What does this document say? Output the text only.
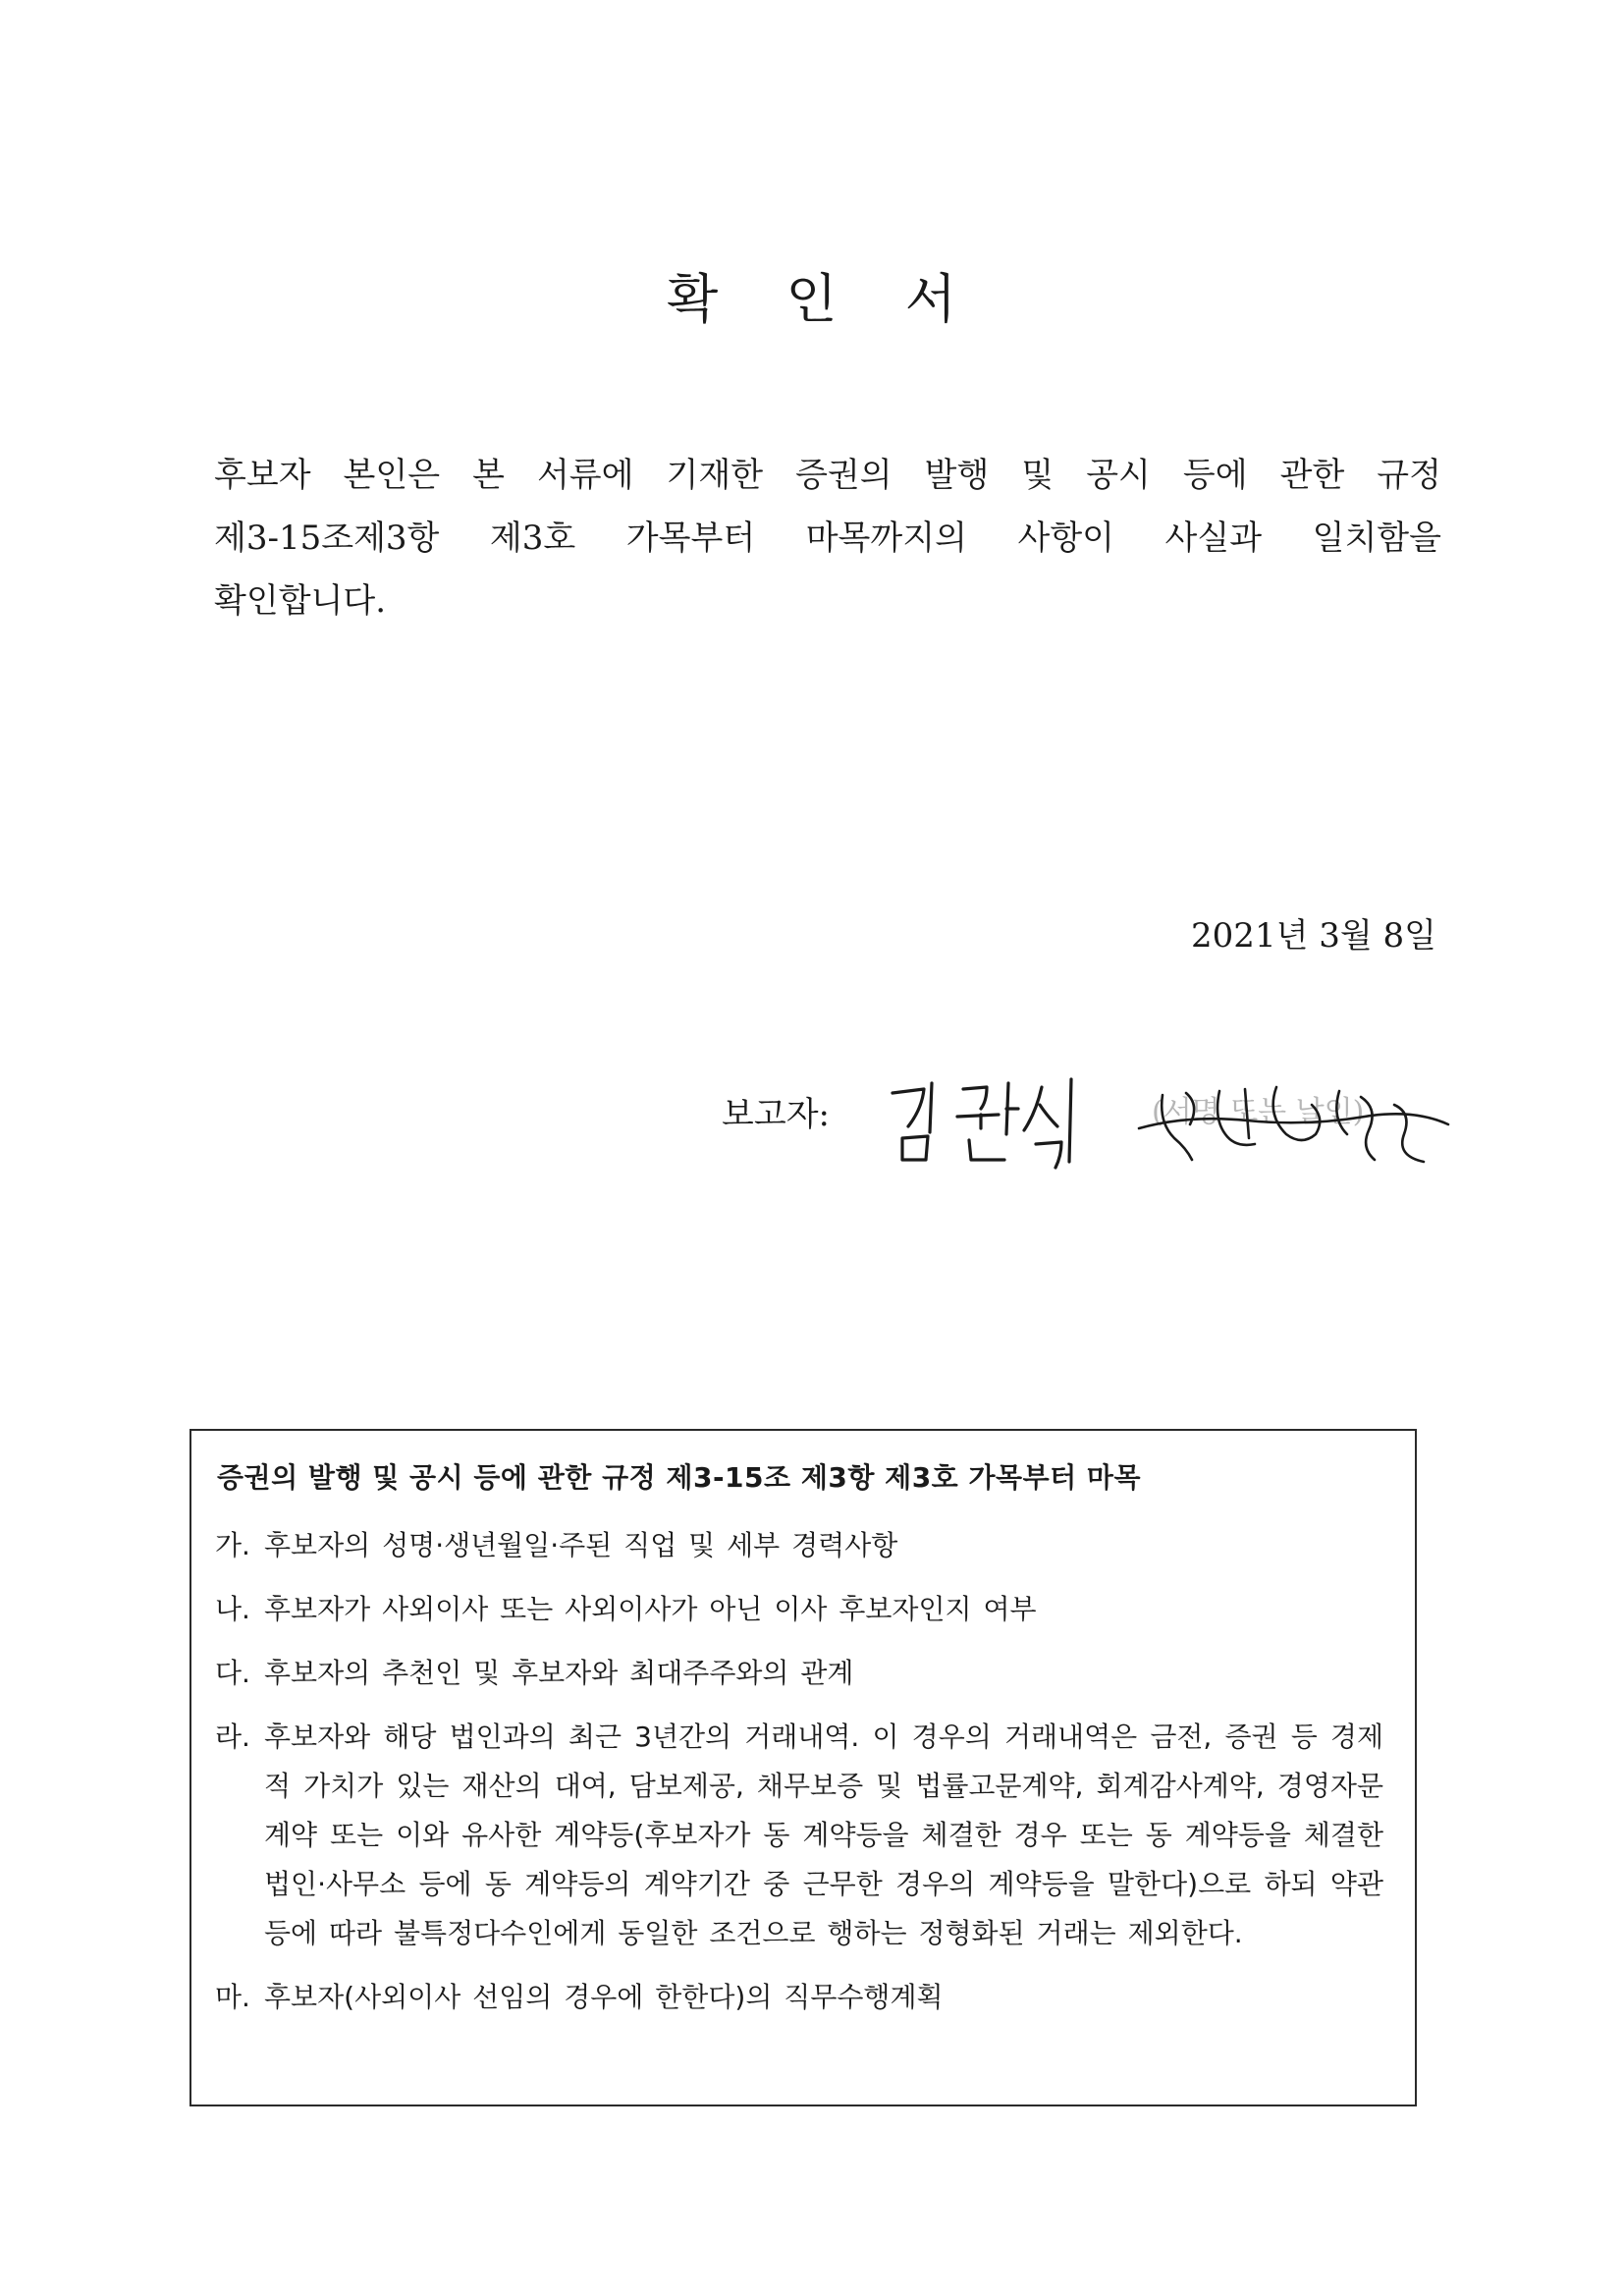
확 인 서
후보자 본인은 본 서류에 기재한 증권의 발행 및 공시 등에 관한 규정
제3-15조제3항 제3호 가목부터 마목까지의 사항이 사실과 일치함을
확인합니다.
2021년 3월 8일
보고자:	(서명 또는 날인)
증권의 발행 및 공시 등에 관한 규정 제3-15조 제3항 제3호 가목부터 마목
가. 후보자의 성명·생년월일·주된 직업 및 세부 경력사항
나. 후보자가 사외이사 또는 사외이사가 아닌 이사 후보자인지 여부
다. 후보자의 추천인 및 후보자와 최대주주와의 관계
라. 후보자와 해당 법인과의 최근 3년간의 거래내역. 이 경우의 거래내역은 금전, 증권 등 경제적 가치가 있는 재산의 대여, 담보제공, 채무보증 및 법률고문계약, 회계감사계약, 경영자문계약 또는 이와 유사한 계약등(후보자가 동 계약등을 체결한 경우 또는 동 계약등을 체결한 법인·사무소 등에 동 계약등의 계약기간 중 근무한 경우의 계약등을 말한다)으로 하되 약관 등에 따라 불특정다수인에게 동일한 조건으로 행하는 정형화된 거래는 제외한다.
마. 후보자(사외이사 선임의 경우에 한한다)의 직무수행계획
